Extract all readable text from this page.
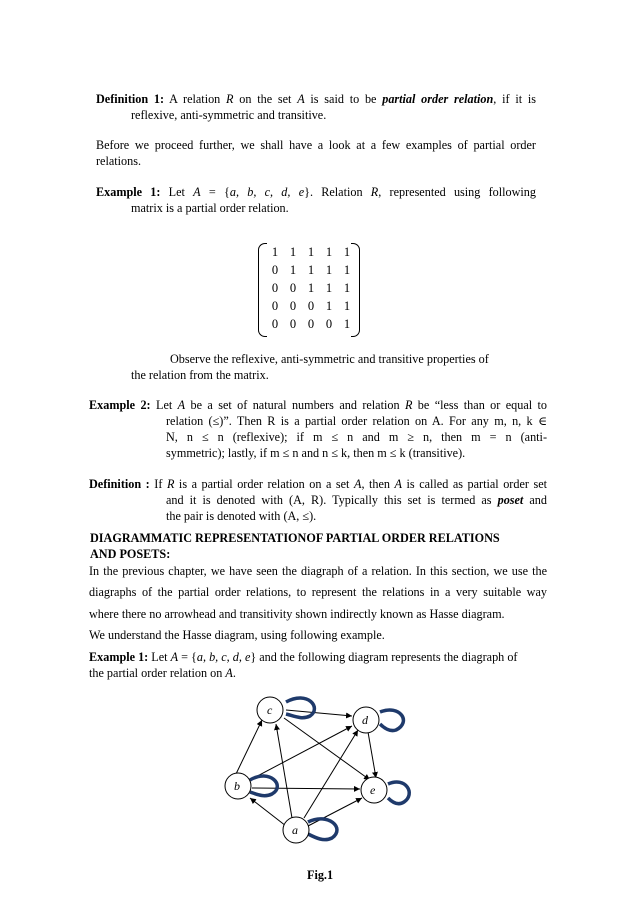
Definition 1: A relation R on the set A is said to be partial order relation, if it is
reflexive, anti-symmetric and transitive.
Before we proceed further, we shall have a look at a few examples of partial order
relations.
Example 1: Let A = {a, b, c, d, e}. Relation R, represented using following
matrix is a partial order relation.
1 1 1 1 1
0 1 1 1 1
0 0 1 1 1
0 0 0 1 1
0 0 0 0 1
Observe the reflexive, anti-symmetric and transitive properties of
the relation from the matrix.
Example 2: Let A be a set of natural numbers and relation R be “less than or equal to
relation (≤)”. Then R is a partial order relation on A. For any m, n, k ∈
N, n ≤ n (reflexive); if m ≤ n and m ≥ n, then m = n (anti-
symmetric); lastly, if m ≤ n and n ≤ k, then m ≤ k (transitive).
Definition : If R is a partial order relation on a set A, then A is called as partial order set
and it is denoted with (A, R). Typically this set is termed as poset and
the pair is denoted with (A, ≤).
DIAGRAMMATIC REPRESENTATIONOF PARTIAL ORDER RELATIONS
AND POSETS:
In the previous chapter, we have seen the diagraph of a relation. In this section, we use the
diagraphs of the partial order relations, to represent the relations in a very suitable way
where there no arrowhead and transitivity shown indirectly known as Hasse diagram.
We understand the Hasse diagram, using following example.
Example 1: Let A = {a, b, c, d, e} and the following diagram represents the diagraph of
the partial order relation on A.
c
d
b	e
a
Fig.1
